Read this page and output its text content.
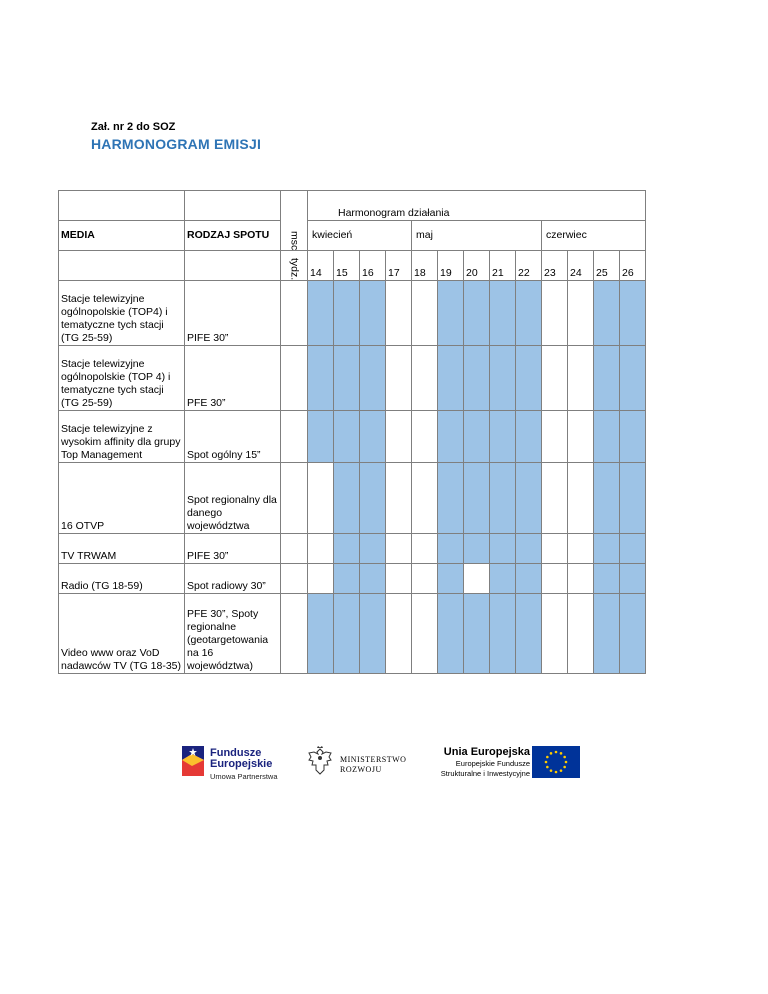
Zał. nr 2 do SOZ
HARMONOGRAM EMISJI

		msc	Harmonogram działania												
MEDIA	RODZAJ SPOTU		kwiecień				maj					czerwiec			

		tydz.	14	15	16	17	18	19	20	21	22	23	24	25	26
Stacje telewizyjne ogólnopolskie (TOP4) i tematyczne tych stacji (TG 25-59)	PIFE 30”														
Stacje telewizyjne ogólnopolskie (TOP 4) i tematyczne tych stacji (TG 25-59)	PFE 30”														
Stacje telewizyjne z wysokim affinity dla grupy Top Management	Spot ogólny 15”														
16 OTVP	Spot regionalny dla danego województwa														
TV TRWAM	PIFE 30”														
Radio (TG 18-59)	Spot radiowy 30”														
Video www oraz VoD nadawców TV (TG 18-35)	PFE 30”, Spoty regionalne (geotargetowania na 16 województwa)														
Fundusze
Europejskie
Umowa Partnerstwa
MINISTERSTWO
ROZWOJU
Unia Europejska
Europejskie Fundusze
Strukturalne i Inwestycyjne
